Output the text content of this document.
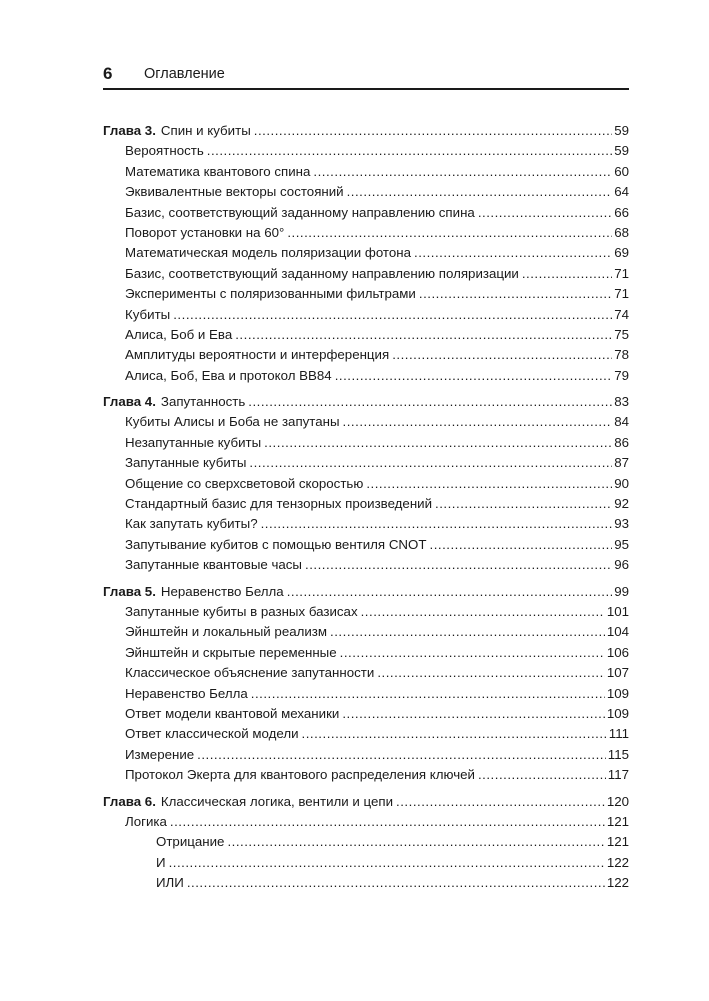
6 Оглавление
Глава 3. Спин и кубиты .....	59
Вероятность .....	59
Математика квантового спина .....	60
Эквивалентные векторы состояний .....	64
Базис, соответствующий заданному направлению спина .....	66
Поворот установки на 60° .....	68
Математическая модель поляризации фотона .....	69
Базис, соответствующий заданному направлению поляризации .....	71
Эксперименты с поляризованными фильтрами .....	71
Кубиты .....	74
Алиса, Боб и Ева .....	75
Амплитуды вероятности и интерференция .....	78
Алиса, Боб, Ева и протокол BB84 .....	79
Глава 4. Запутанность .....	83
Кубиты Алисы и Боба не запутаны .....	84
Незапутанные кубиты .....	86
Запутанные кубиты .....	87
Общение со сверхсветовой скоростью .....	90
Стандартный базис для тензорных произведений .....	92
Как запутать кубиты? .....	93
Запутывание кубитов с помощью вентиля CNOT .....	95
Запутанные квантовые часы .....	96
Глава 5. Неравенство Белла .....	99
Запутанные кубиты в разных базисах .....	101
Эйнштейн и локальный реализм .....	104
Эйнштейн и скрытые переменные .....	106
Классическое объяснение запутанности .....	107
Неравенство Белла .....	109
Ответ модели квантовой механики .....	109
Ответ классической модели .....	111
Измерение .....	115
Протокол Экерта для квантового распределения ключей .....	117
Глава 6. Классическая логика, вентили и цепи .....	120
Логика .....	121
Отрицание .....	121
И .....	122
ИЛИ .....	122
